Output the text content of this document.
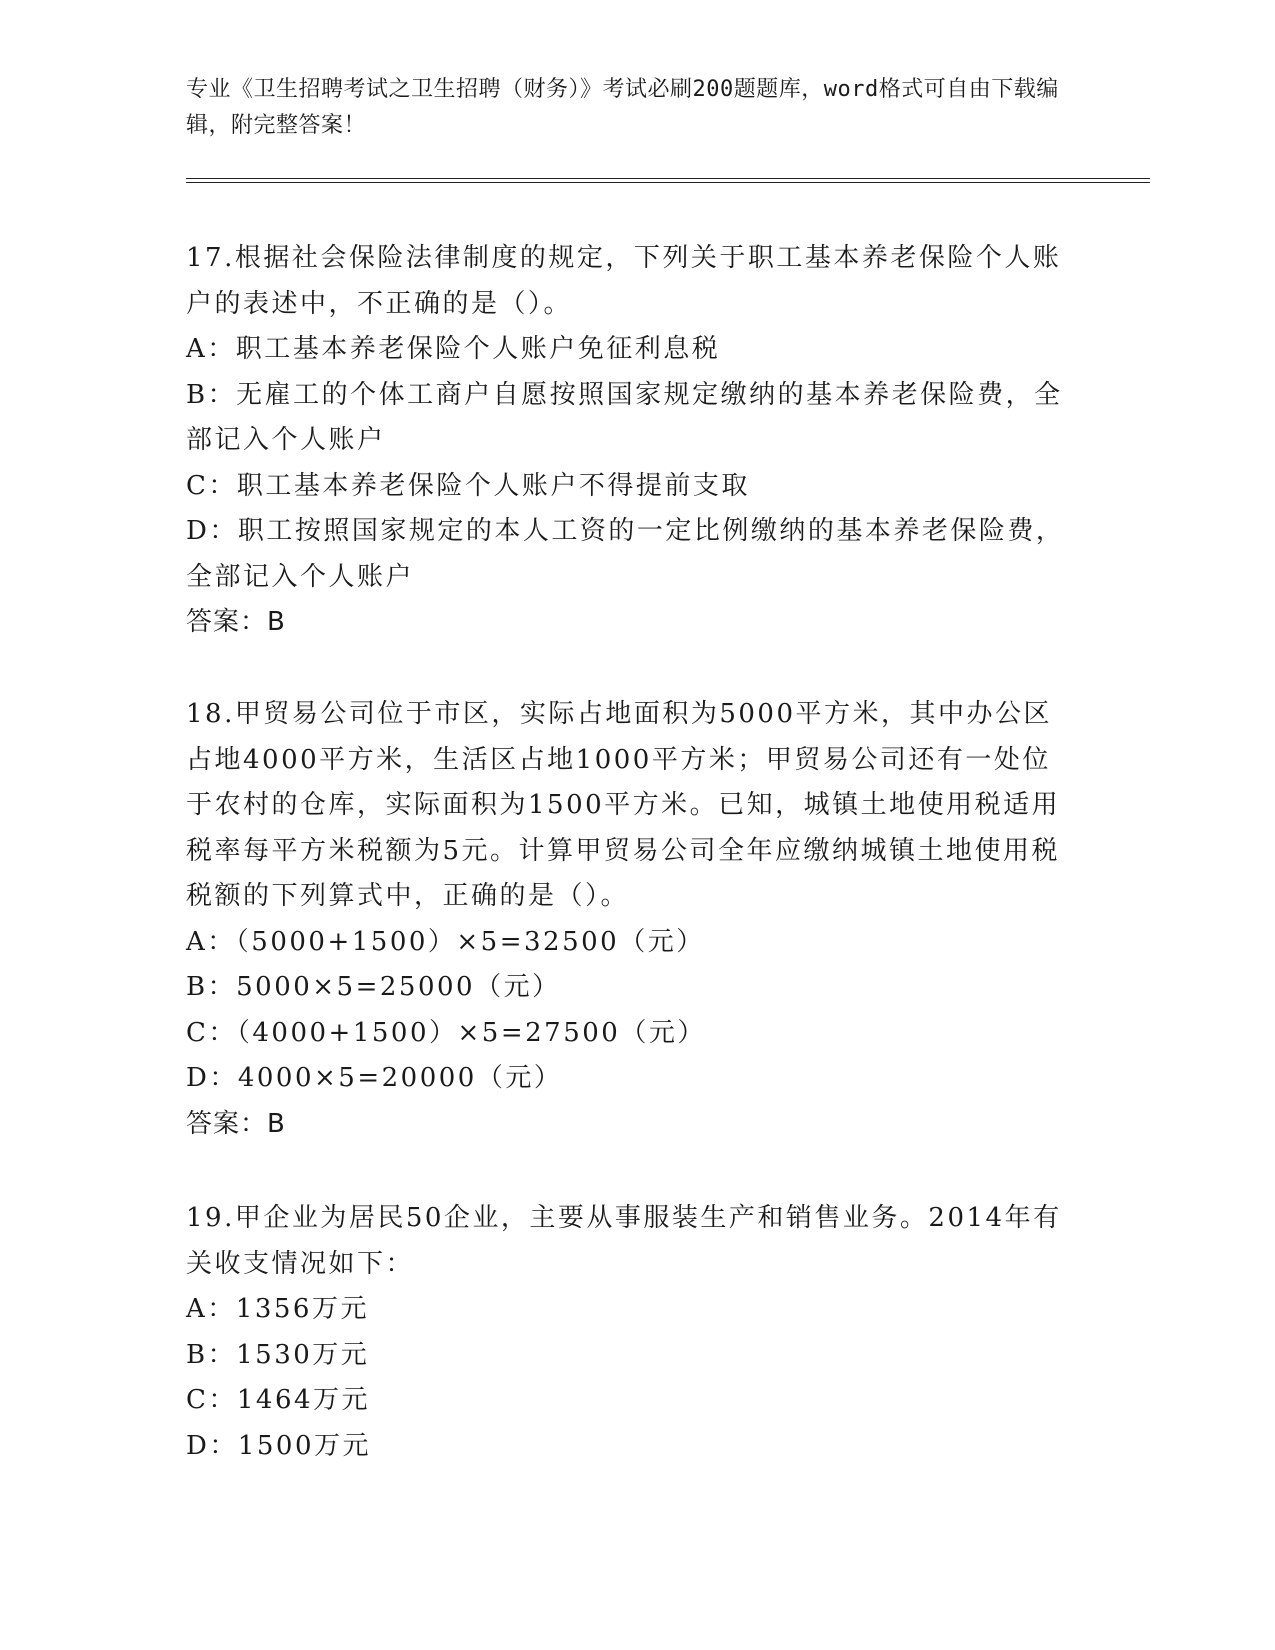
专业《卫生招聘考试之卫生招聘（财务）》考试必刷200题题库，word格式可自由下载编辑，附完整答案！

17.根据社会保险法律制度的规定，下列关于职工基本养老保险个人账户的表述中，不正确的是（）。

A：职工基本养老保险个人账户免征利息税

B：无雇工的个体工商户自愿按照国家规定缴纳的基本养老保险费，全部记入个人账户

C：职工基本养老保险个人账户不得提前支取

D：职工按照国家规定的本人工资的一定比例缴纳的基本养老保险费，全部记入个人账户

答案：B

18.甲贸易公司位于市区，实际占地面积为5000平方米，其中办公区占地4000平方米，生活区占地1000平方米；甲贸易公司还有一处位于农村的仓库，实际面积为1500平方米。已知，城镇土地使用税适用税率每平方米税额为5元。计算甲贸易公司全年应缴纳城镇土地使用税税额的下列算式中，正确的是（）。

A：（5000+1500）×5=32500（元）

B：5000×5=25000（元）

C：（4000+1500）×5=27500（元）

D：4000×5=20000（元）

答案：B

19.甲企业为居民50企业，主要从事服装生产和销售业务。2014年有关收支情况如下：

A：1356万元

B：1530万元

C：1464万元

D：1500万元
